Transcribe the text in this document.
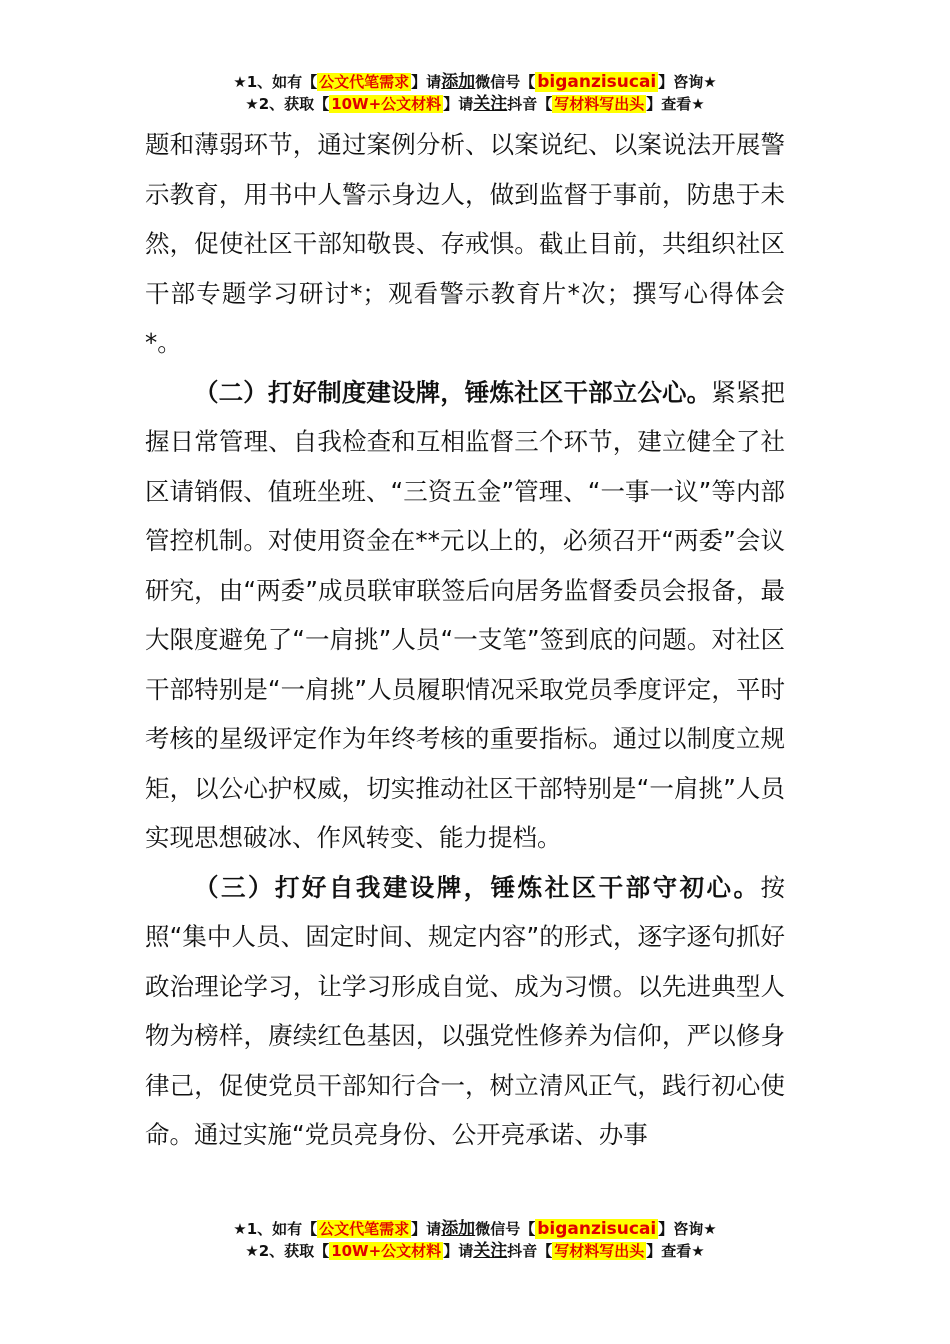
★1、如有【 公文代笔需求 】请添加微信号【 biganzisucai 】咨询★
★2、获取【 10W+公文材料 】请关注抖音【 写材料写出头 】查看★

题和薄弱环节，通过案例分析、以案说纪、以案说法开展警示教育，用书中人警示身边人，做到监督于事前，防患于未然，促使社区干部知敬畏、存戒惧。截止目前，共组织社区干部专题学习研讨*；观看警示教育片*次；撰写心得体会*。

（二）打好制度建设牌，锤炼社区干部立公心。紧紧把握日常管理、自我检查和互相监督三个环节，建立健全了社区请销假、值班坐班、“三资五金”管理、“一事一议”等内部管控机制。对使用资金在**元以上的，必须召开“两委”会议研究，由“两委”成员联审联签后向居务监督委员会报备，最大限度避免了“一肩挑”人员“一支笔”签到底的问题。对社区干部特别是“一肩挑”人员履职情况采取党员季度评定，平时考核的星级评定作为年终考核的重要指标。通过以制度立规矩，以公心护权威，切实推动社区干部特别是“一肩挑”人员实现思想破冰、作风转变、能力提档。

（三）打好自我建设牌，锤炼社区干部守初心。按照“集中人员、固定时间、规定内容”的形式，逐字逐句抓好政治理论学习，让学习形成自觉、成为习惯。以先进典型人物为榜样，赓续红色基因，以强党性修养为信仰，严以修身律己，促使党员干部知行合一，树立清风正气，践行初心使命。通过实施“党员亮身份、公开亮承诺、办事

★1、如有【 公文代笔需求 】请添加微信号【 biganzisucai 】咨询★
★2、获取【 10W+公文材料 】请关注抖音【 写材料写出头 】查看★
